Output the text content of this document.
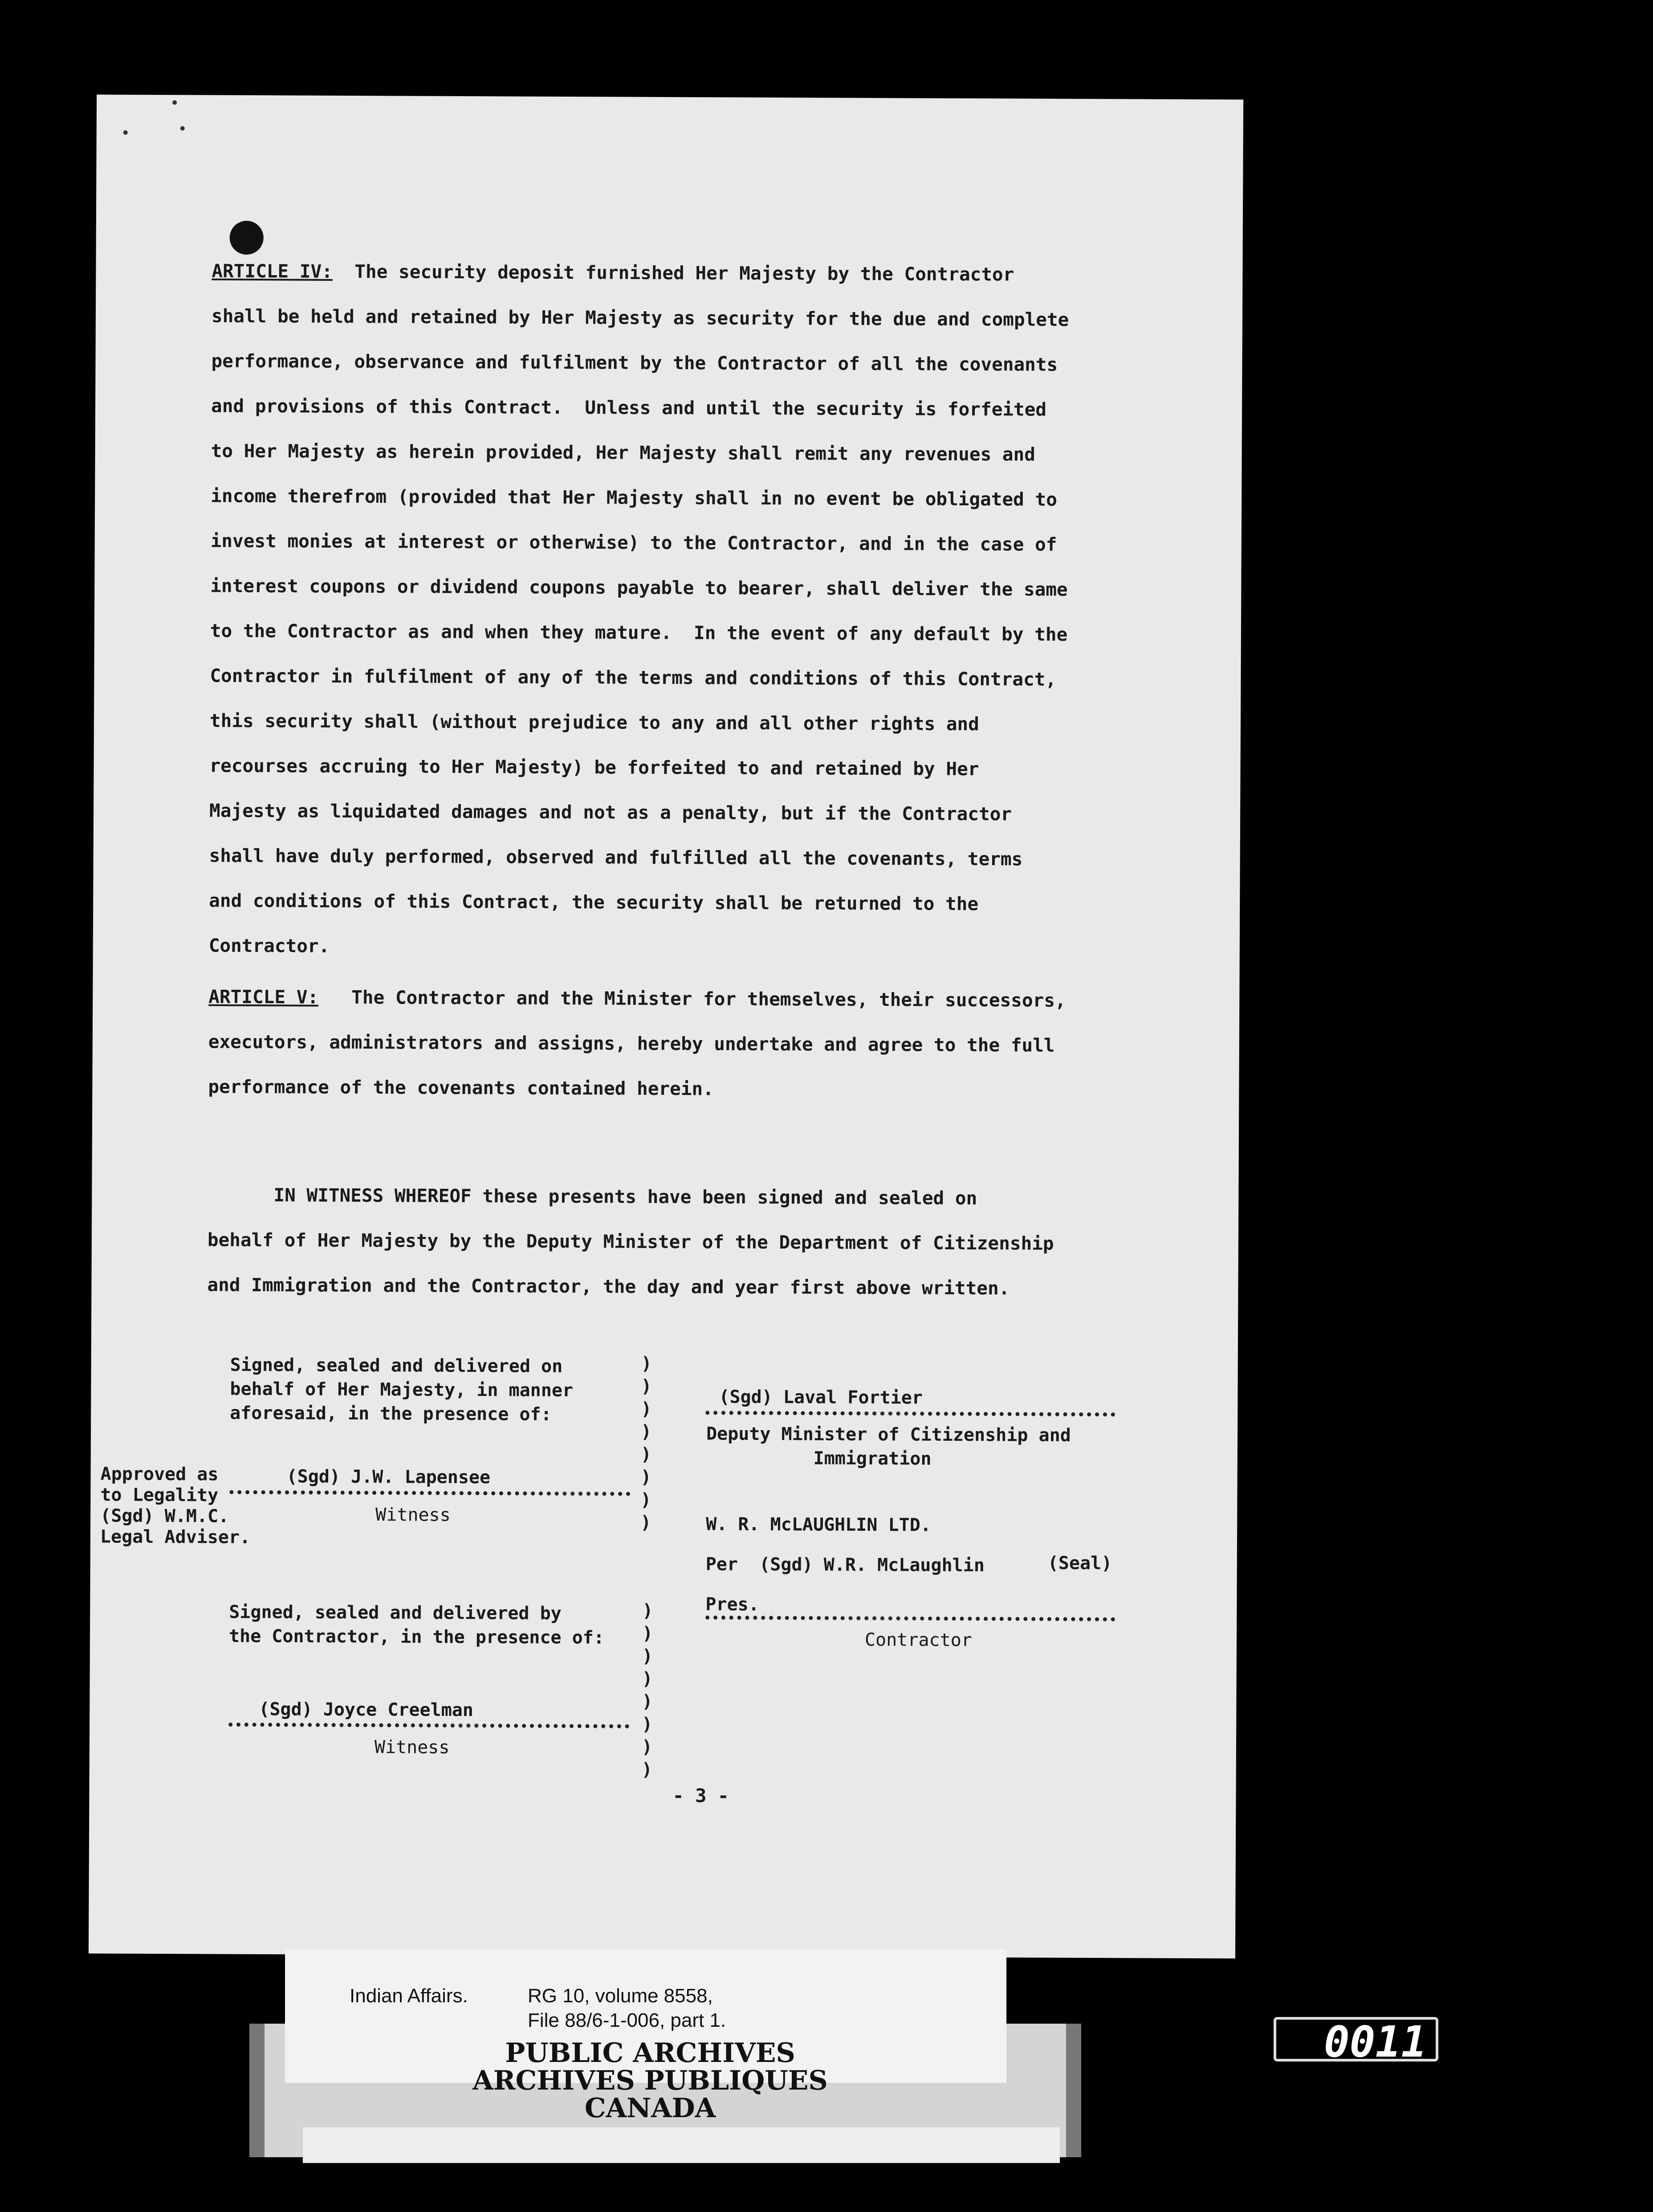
ARTICLE IV:  The security deposit furnished Her Majesty by the Contractor
shall be held and retained by Her Majesty as security for the due and complete
performance, observance and fulfilment by the Contractor of all the covenants
and provisions of this Contract.  Unless and until the security is forfeited
to Her Majesty as herein provided, Her Majesty shall remit any revenues and
income therefrom (provided that Her Majesty shall in no event be obligated to
invest monies at interest or otherwise) to the Contractor, and in the case of
interest coupons or dividend coupons payable to bearer, shall deliver the same
to the Contractor as and when they mature.  In the event of any default by the
Contractor in fulfilment of any of the terms and conditions of this Contract,
this security shall (without prejudice to any and all other rights and
recourses accruing to Her Majesty) be forfeited to and retained by Her
Majesty as liquidated damages and not as a penalty, but if the Contractor
shall have duly performed, observed and fulfilled all the covenants, terms
and conditions of this Contract, the security shall be returned to the
Contractor.
ARTICLE V:   The Contractor and the Minister for themselves, their successors,
executors, administrators and assigns, hereby undertake and agree to the full
performance of the covenants contained herein.
IN WITNESS WHEREOF these presents have been signed and sealed on
behalf of Her Majesty by the Deputy Minister of the Department of Citizenship
and Immigration and the Contractor, the day and year first above written.
Signed, sealed and delivered on
behalf of Her Majesty, in manner
aforesaid, in the presence of:
)
)
)
)
)
)
)
)
(Sgd) J.W. Lapensee
Witness
Approved as
to Legality
(Sgd) W.M.C.
Legal Adviser.
(Sgd) Laval Fortier
Deputy Minister of Citizenship and
Immigration
W. R. McLAUGHLIN LTD.
Per  (Sgd) W.R. McLaughlin	(Seal)
Pres.
Contractor
Signed, sealed and delivered by
the Contractor, in the presence of:
)
)
)
)
)
)
)
)
(Sgd) Joyce Creelman
Witness
- 3 -
Indian Affairs.	RG 10, volume 8558,
File 88/6-1-006, part 1.
PUBLIC ARCHIVES
ARCHIVES PUBLIQUES
CANADA
0011
